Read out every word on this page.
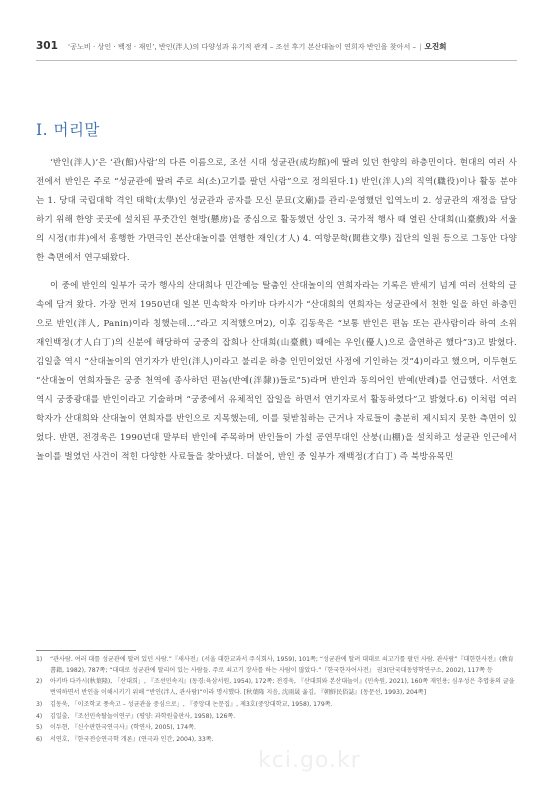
301 ‘공노비 · 상인 · 백정 · 재인’, 반인(泮人)의 다양성과 유기적 관계 – 조선 후기 본산대놀이 연희자 반인을 찾아서 – | 오진희
I. 머리말

‘반인(泮人)’은 ‘관(館)사람’의 다른 이름으로, 조선 시대 성균관(成均館)에 딸려 있던 한양의 하층민이다. 현대의 여러 사전에서 반인은 주로 “성균관에 딸려 주로 쇠(소)고기를 팔던 사람”으로 정의된다.1) 반인(泮人)의 직역(職役)이나 활동 분야는 1. 당대 국립대학 격인 태학(太學)인 성균관과 공자를 모신 문묘(文廟)를 관리·운영했던 입역노비 2. 성균관의 재정을 담당하기 위해 한양 곳곳에 설치된 푸줏간인 현방(懸房)을 중심으로 활동했던 상인 3. 국가적 행사 때 열린 산대희(山臺戲)와 서울의 시정(市井)에서 흥행한 가면극인 본산대놀이를 연행한 재인(才人) 4. 여항문학(閭巷文學) 집단의 일원 등으로 그동안 다양한 측면에서 연구돼왔다.

이 중에 반인의 일부가 국가 행사의 산대희나 민간예능 탈춤인 산대놀이의 연희자라는 기록은 반세기 넘게 여러 선학의 글 속에 담겨 왔다. 가장 먼저 1950년대 일본 민속학자 아키바 다카시가 “산대희의 연희자는 성균관에서 천한 일을 하던 하층민으로 반인(泮人, Panin)이라 칭했는데…”라고 지적했으며2), 이후 김동욱은 “보통 반인은 편놈 또는 관사람이라 하여 소위 재인백정(才人白丁)의 신분에 해당하여 궁중의 잡희나 산대희(山臺戲) 때에는 우인(優人)으로 출연하곤 했다”3)고 밝혔다. 김일출 역시 “산대놀이의 연기자가 반인(泮人)이라고 불리운 하층 인민이었던 사정에 기인하는 것”4)이라고 했으며, 이두현도 “산대놀이 연희자들은 궁중 천역에 종사하던 편놈(반예(泮隸))들로”5)라며 반인과 동의어인 반예(반례)를 언급했다. 서연호 역시 궁중광대를 반인이라고 기술하며 “궁중에서 유체적인 잡일을 하면서 연기자로서 활동하였다”고 밝혔다.6) 이처럼 여러 학자가 산대희와 산대놀이 연희자를 반인으로 지목했는데, 이를 뒷받침하는 근거나 자료들이 충분히 제시되지 못한 측면이 있었다. 반면, 전경욱은 1990년대 말부터 반인에 주목하며 반인들이 가설 공연무대인 산붕(山棚)을 설치하고 성균관 인근에서 놀이를 벌였던 사건이 적힌 다양한 사료들을 찾아냈다. 더불어, 반인 중 일부가 재백정(才白丁) 즉 북방유목민

1)	“관사람. 여러 대를 성균관에 딸려 있던 사람.”『새사전』(서울 대한교과서 주식회사, 1959), 101쪽; “성균관에 딸려 대대로 쇠고기를 팔던 사람. 관사람”『대한한사전』(敎育書籍, 1982), 787쪽; “대대로 성균관에 딸리어 있는 사람들. 주로 쇠고기 장사를 하는 사람이 많았다.”『한국한자어사전』 권3(단국대동양학연구소, 2002), 117쪽 등
2)	아키바 다카시(秋葉隆), 「산대희」, 『조선민속지』(동경:육삼서원, 1954), 172쪽; 전경욱, 『산대희와 본산대놀이』(민속원, 2021), 160쪽 재인용; 심우성은 추엽융의 글을 번역하면서 반인을 이해시키기 위해 “반인(泮人, 관사람)”이라 명시했다. [秋葉隆 지음, 沈雨晟 옮김, 『朝鮮民俗誌』(동문선, 1993), 204쪽]
3)	김동욱, 「이조학교 풍속고 – 성균관을 중심으로」, 『중앙대 논문집』, 제3호(중앙대학교, 1958), 179쪽.
4)	김일출, 『조선민속탈놀이연구』(평양: 과학원출판사, 1958), 126쪽.
5)	이두현, 『신수판한국연극사』(학연사, 2005), 174쪽.
6)	서연호, 『한국전승연극학 개론』(연극과 인간, 2004), 33쪽.
kci.go.kr
